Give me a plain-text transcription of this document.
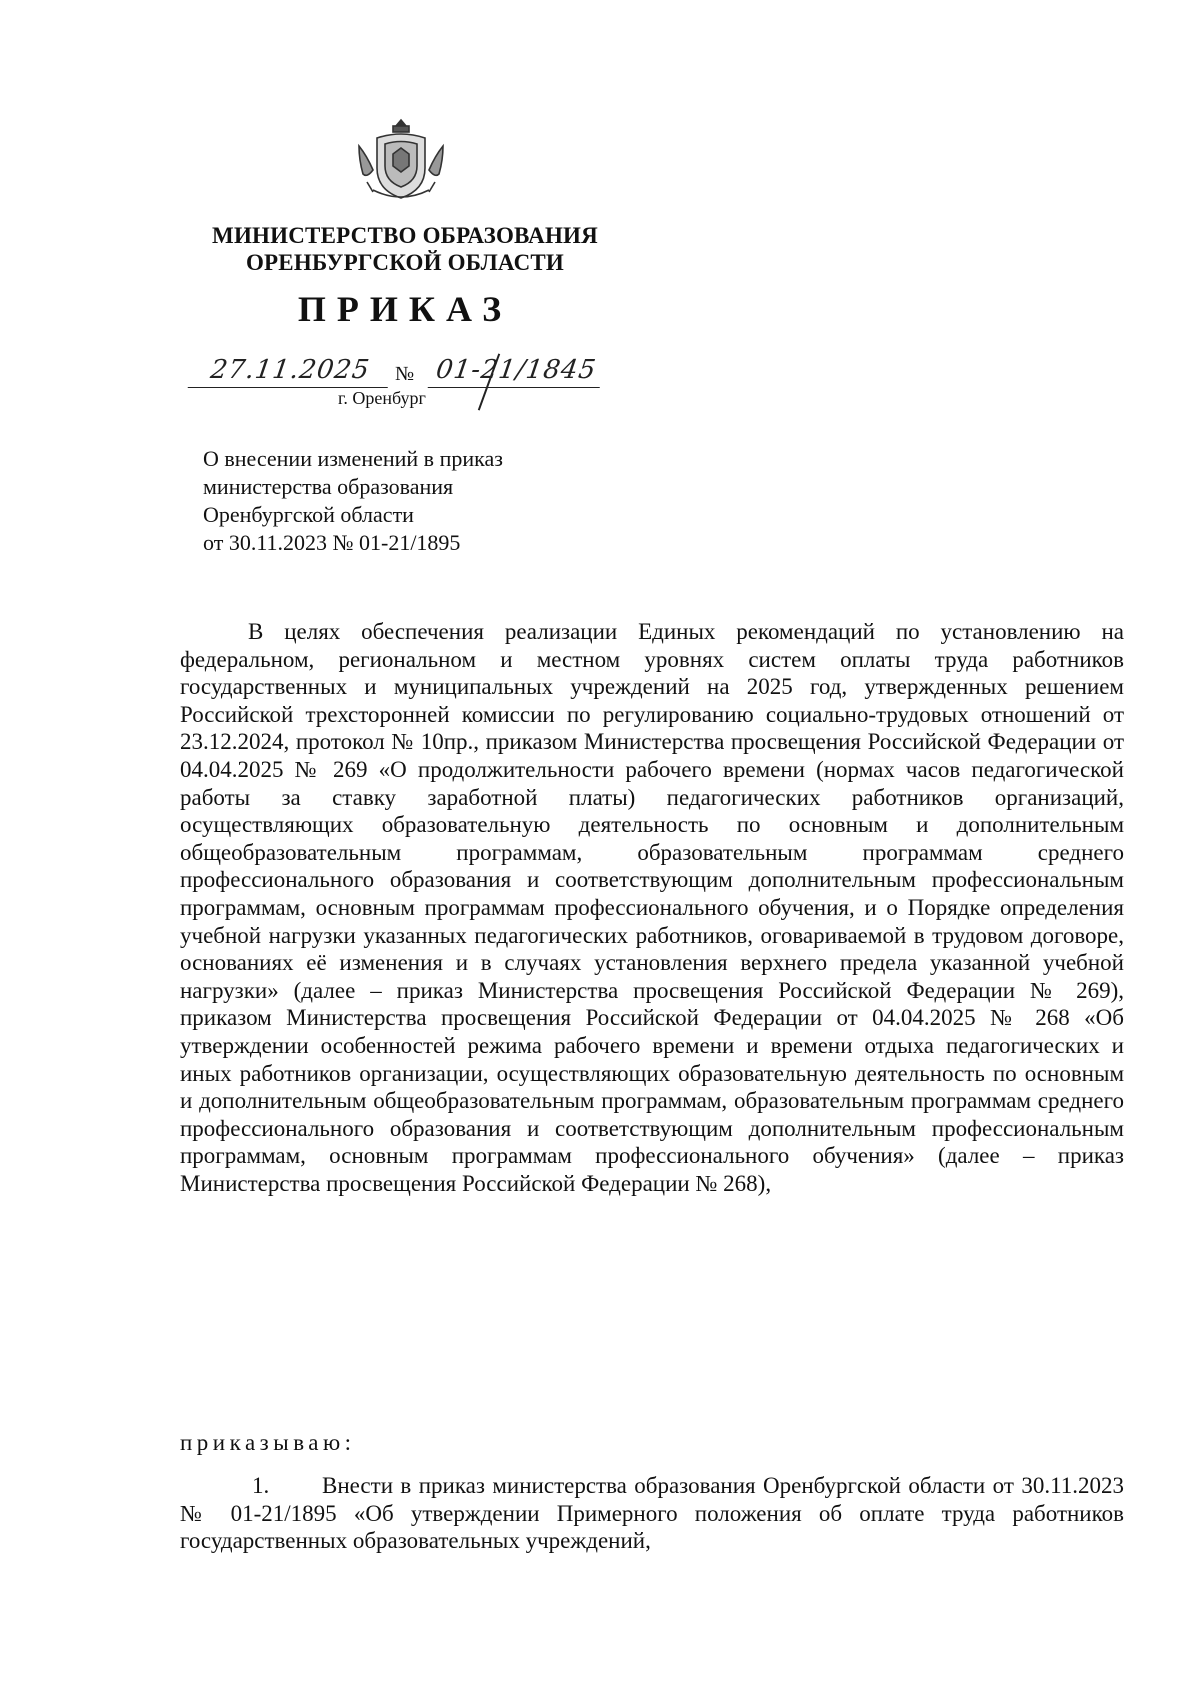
МИНИСТЕРСТВО ОБРАЗОВАНИЯ
ОРЕНБУРГСКОЙ ОБЛАСТИ
ПРИКАЗ
27.11.2025	№ 01-21/1845
г. Оренбург
О внесении изменений в приказ
министерства образования
Оренбургской области
от 30.11.2023 № 01-21/1895
В целях обеспечения реализации Единых рекомендаций по установлению на федеральном, региональном и местном уровнях систем оплаты труда работников государственных и муниципальных учреждений на 2025 год, утвержденных решением Российской трехсторонней комиссии по регулированию социально-трудовых отношений от 23.12.2024, протокол № 10пр., приказом Министерства просвещения Российской Федерации от 04.04.2025 № 269 «О продолжительности рабочего времени (нормах часов педагогической работы за ставку заработной платы) педагогических работников организаций, осуществляющих образовательную деятельность по основным и дополнительным общеобразовательным программам, образовательным программам среднего профессионального образования и соответствующим дополнительным профессиональным программам, основным программам профессионального обучения, и о Порядке определения учебной нагрузки указанных педагогических работников, оговариваемой в трудовом договоре, основаниях её изменения и в случаях установления верхнего предела указанной учебной нагрузки» (далее – приказ Министерства просвещения Российской Федерации № 269), приказом Министерства просвещения Российской Федерации от 04.04.2025 № 268 «Об утверждении особенностей режима рабочего времени и времени отдыха педагогических и иных работников организации, осуществляющих образовательную деятельность по основным и дополнительным общеобразовательным программам, образовательным программам среднего профессионального образования и соответствующим дополнительным профессиональным программам, основным программам профессионального обучения» (далее – приказ Министерства просвещения Российской Федерации № 268),
приказываю:
1. Внести в приказ министерства образования Оренбургской области от 30.11.2023 № 01-21/1895 «Об утверждении Примерного положения об оплате труда работников государственных образовательных учреждений,
